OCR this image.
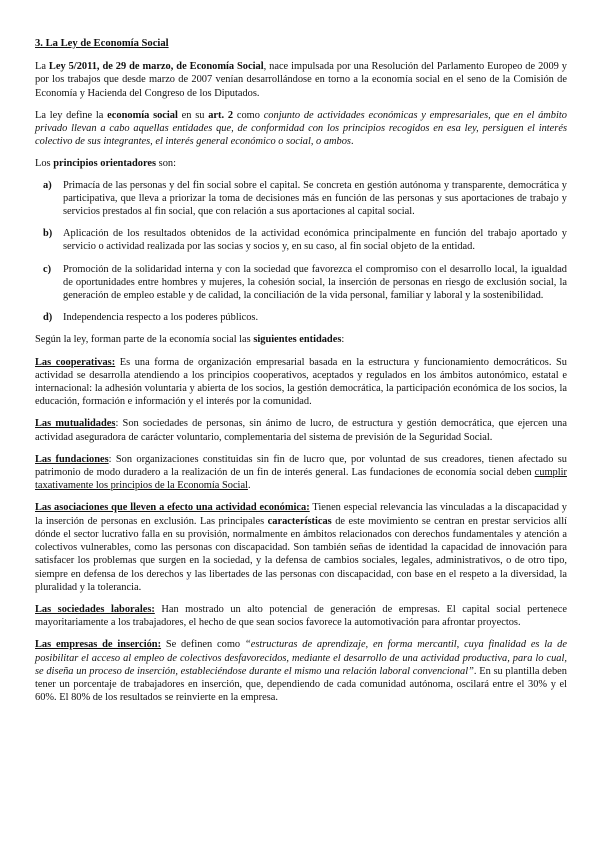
3. La Ley de Economía Social

La Ley 5/2011, de 29 de marzo, de Economía Social, nace impulsada por una Resolución del Parlamento Europeo de 2009 y por los trabajos que desde marzo de 2007 venían desarrollándose en torno a la economía social en el seno de la Comisión de Economía y Hacienda del Congreso de los Diputados.

La ley define la economía social en su art. 2 como conjunto de actividades económicas y empresariales, que en el ámbito privado llevan a cabo aquellas entidades que, de conformidad con los principios recogidos en esa ley, persiguen el interés colectivo de sus integrantes, el interés general económico o social, o ambos.

Los principios orientadores son:

a)	Primacía de las personas y del fin social sobre el capital. Se concreta en gestión autónoma y transparente, democrática y participativa, que lleva a priorizar la toma de decisiones más en función de las personas y sus aportaciones de trabajo y servicios prestados al fin social, que con relación a sus aportaciones al capital social.

b)	Aplicación de los resultados obtenidos de la actividad económica principalmente en función del trabajo aportado y servicio o actividad realizada por las socias y socios y, en su caso, al fin social objeto de la entidad.

c)	Promoción de la solidaridad interna y con la sociedad que favorezca el compromiso con el desarrollo local, la igualdad de oportunidades entre hombres y mujeres, la cohesión social, la inserción de personas en riesgo de exclusión social, la generación de empleo estable y de calidad, la conciliación de la vida personal, familiar y laboral y la sostenibilidad.

d)	Independencia respecto a los poderes públicos.

Según la ley, forman parte de la economía social las siguientes entidades:

Las cooperativas: Es una forma de organización empresarial basada en la estructura y funcionamiento democráticos. Su actividad se desarrolla atendiendo a los principios cooperativos, aceptados y regulados en los ámbitos autonómico, estatal e internacional: la adhesión voluntaria y abierta de los socios, la gestión democrática, la participación económica de los socios, la educación, formación e información y el interés por la comunidad.

Las mutualidades: Son sociedades de personas, sin ánimo de lucro, de estructura y gestión democrática, que ejercen una actividad aseguradora de carácter voluntario, complementaria del sistema de previsión de la Seguridad Social.

Las fundaciones: Son organizaciones constituidas sin fin de lucro que, por voluntad de sus creadores, tienen afectado su patrimonio de modo duradero a la realización de un fin de interés general. Las fundaciones de economía social deben cumplir taxativamente los principios de la Economía Social.

Las asociaciones que lleven a efecto una actividad económica: Tienen especial relevancia las vinculadas a la discapacidad y la inserción de personas en exclusión. Las principales características de este movimiento se centran en prestar servicios allí dónde el sector lucrativo falla en su provisión, normalmente en ámbitos relacionados con derechos fundamentales y atención a colectivos vulnerables, como las personas con discapacidad. Son también señas de identidad la capacidad de innovación para satisfacer los problemas que surgen en la sociedad, y la defensa de cambios sociales, legales, administrativos, o de otro tipo, siempre en defensa de los derechos y las libertades de las personas con discapacidad, con base en el respeto a la diversidad, la pluralidad y la tolerancia.

Las sociedades laborales: Han mostrado un alto potencial de generación de empresas. El capital social pertenece mayoritariamente a los trabajadores, el hecho de que sean socios favorece la automotivación para afrontar proyectos.

Las empresas de inserción: Se definen como “estructuras de aprendizaje, en forma mercantil, cuya finalidad es la de posibilitar el acceso al empleo de colectivos desfavorecidos, mediante el desarrollo de una actividad productiva, para lo cual, se diseña un proceso de inserción, estableciéndose durante el mismo una relación laboral convencional”. En su plantilla deben tener un porcentaje de trabajadores en inserción, que, dependiendo de cada comunidad autónoma, oscilará entre el 30% y el 60%. El 80% de los resultados se reinvierte en la empresa.
